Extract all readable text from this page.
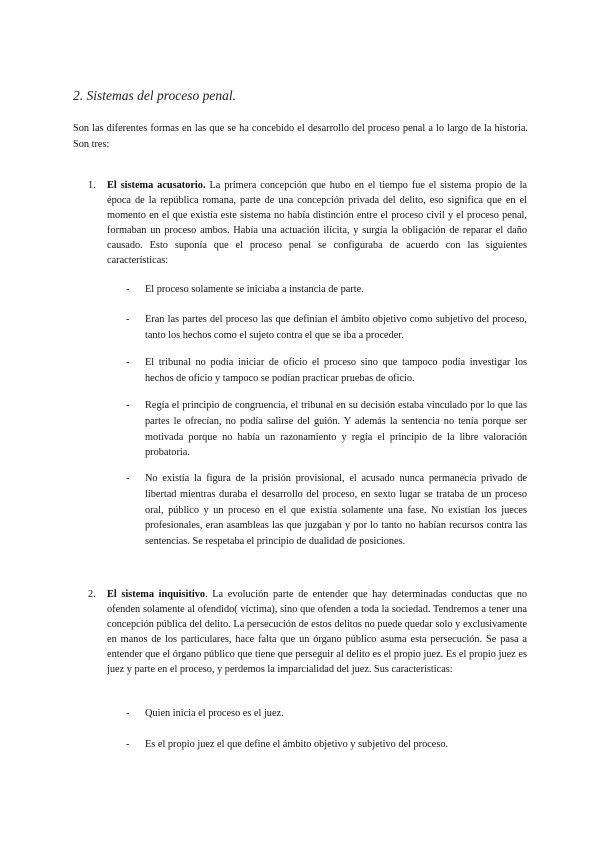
2. Sistemas del proceso penal.

Son las diferentes formas en las que se ha concebido el desarrollo del proceso penal a lo largo de la historia. Son tres:

1. El sistema acusatorio. La primera concepción que hubo en el tiempo fue el sistema propio de la época de la república romana, parte de una concepción privada del delito, eso significa que en el momento en el que existía este sistema no había distinción entre el proceso civil y el proceso penal, formaban un proceso ambos. Había una actuación ilícita, y surgía la obligación de reparar el daño causado. Esto suponía que el proceso penal se configuraba de acuerdo con las siguientes características:

- El proceso solamente se iniciaba a instancia de parte.

- Eran las partes del proceso las que definían el ámbito objetivo como subjetivo del proceso, tanto los hechos como el sujeto contra el que se iba a proceder.

- El tribunal no podía iniciar de oficio el proceso sino que tampoco podía investigar los hechos de oficio y tampoco se podían practicar pruebas de oficio.

- Regía el principio de congruencia, el tribunal en su decisión estaba vinculado por lo que las partes le ofrecían, no podía salirse del guión. Y además la sentencia no tenía porque ser motivada porque no había un razonamiento y regía el principio de la libre valoración probatoria.

- No existía la figura de la prisión provisional, el acusado nunca permanecía privado de libertad mientras duraba el desarrollo del proceso, en sexto lugar se trataba de un proceso oral, público y un proceso en el que existía solamente una fase. No existían los jueces profesionales, eran asambleas las que juzgaban y por lo tanto no habían recursos contra las sentencias. Se respetaba el principio de dualidad de posiciones.

2. El sistema inquisitivo. La evolución parte de entender que hay determinadas conductas que no ofenden solamente al ofendido( víctima), sino que ofenden a toda la sociedad. Tendremos a tener una concepción pública del delito. La persecución de estos delitos no puede quedar solo y exclusivamente en manos de los particulares, hace falta que un órgano público asuma esta persecución. Se pasa a entender que el órgano público que tiene que perseguir al delito es el propio juez. Es el propio juez es juez y parte en el proceso, y perdemos la imparcialidad del juez. Sus características:

- Quien inicia el proceso es el juez.

- Es el propio juez el que define el ámbito objetivo y subjetivo del proceso.
